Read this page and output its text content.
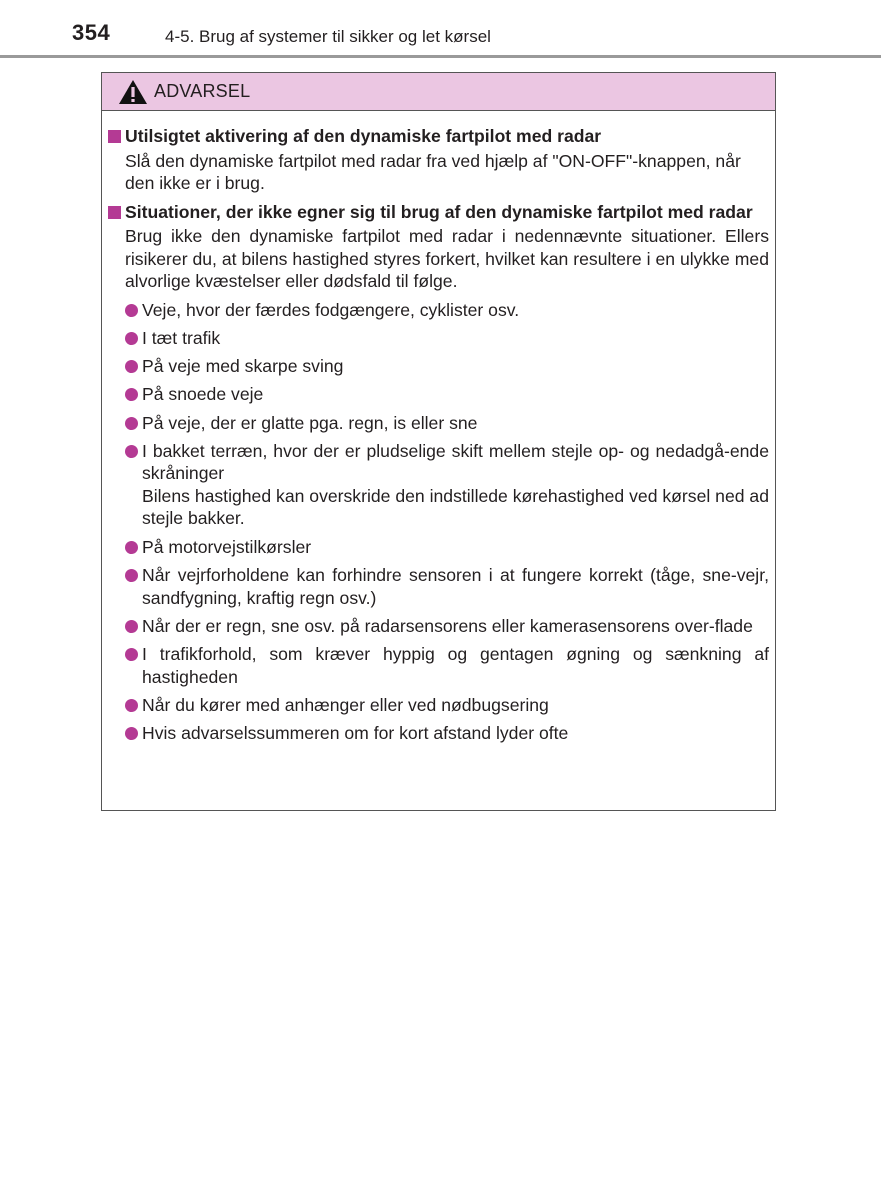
354	4-5. Brug af systemer til sikker og let kørsel
ADVARSEL
Utilsigtet aktivering af den dynamiske fartpilot med radar
Slå den dynamiske fartpilot med radar fra ved hjælp af "ON-OFF"-knappen, når den ikke er i brug.
Situationer, der ikke egner sig til brug af den dynamiske fartpilot med radar
Brug ikke den dynamiske fartpilot med radar i nedennævnte situationer. Ellers risikerer du, at bilens hastighed styres forkert, hvilket kan resultere i en ulykke med alvorlige kvæstelser eller dødsfald til følge.
Veje, hvor der færdes fodgængere, cyklister osv.
I tæt trafik
På veje med skarpe sving
På snoede veje
På veje, der er glatte pga. regn, is eller sne
I bakket terræn, hvor der er pludselige skift mellem stejle op- og nedadgå-ende skråninger
Bilens hastighed kan overskride den indstillede kørehastighed ved kørsel ned ad stejle bakker.
På motorvejstilkørsler
Når vejrforholdene kan forhindre sensoren i at fungere korrekt (tåge, sne-vejr, sandfygning, kraftig regn osv.)
Når der er regn, sne osv. på radarsensorens eller kamerasensorens over-flade
I trafikforhold, som kræver hyppig og gentagen øgning og sænkning af hastigheden
Når du kører med anhænger eller ved nødbugsering
Hvis advarselssummeren om for kort afstand lyder ofte
